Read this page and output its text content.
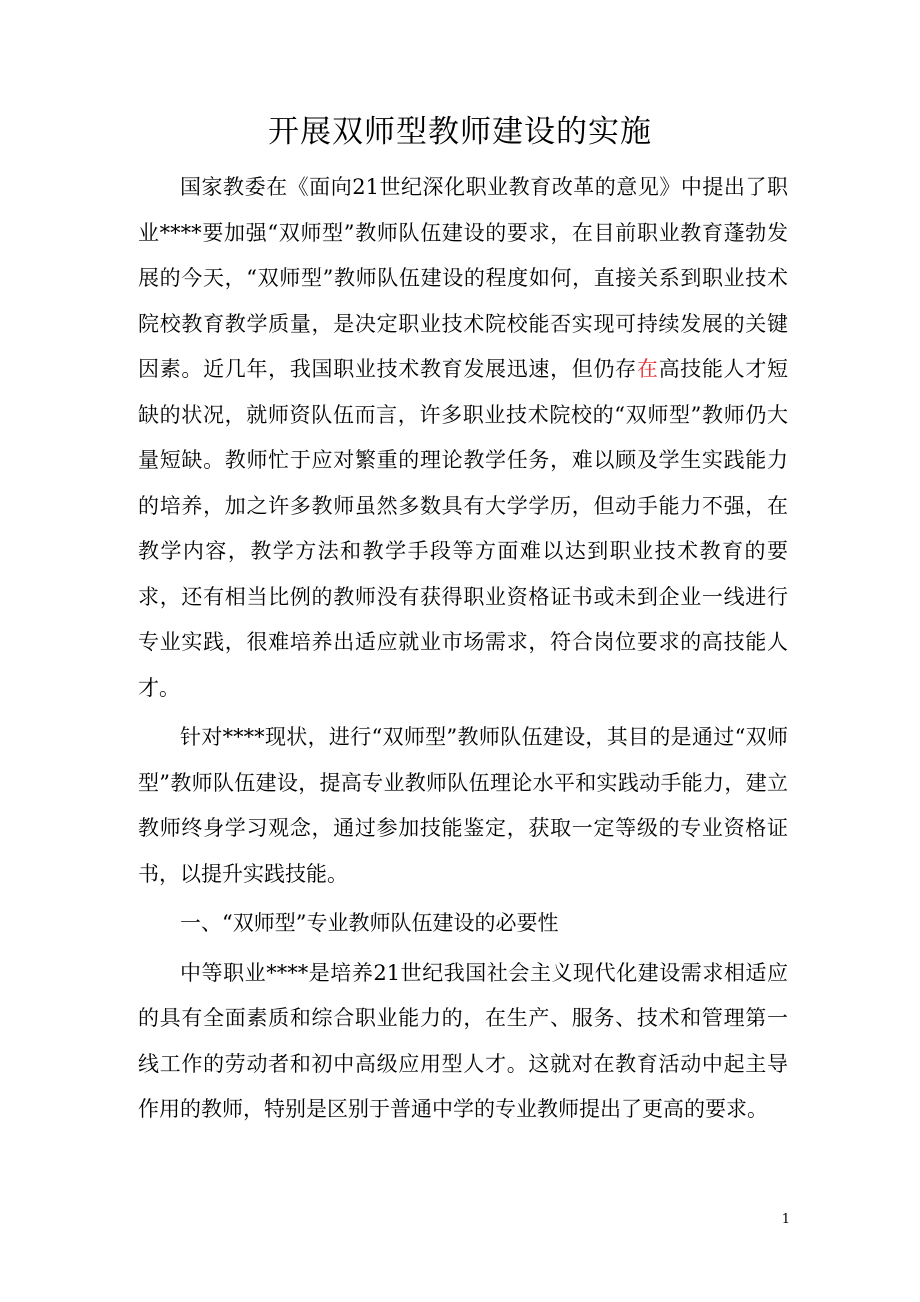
开展双师型教师建设的实施

国家教委在《面向21世纪深化职业教育改革的意见》中提出了职业****要加强“双师型”教师队伍建设的要求，在目前职业教育蓬勃发展的今天，“双师型”教师队伍建设的程度如何，直接关系到职业技术院校教育教学质量，是决定职业技术院校能否实现可持续发展的关键因素。近几年，我国职业技术教育发展迅速，但仍存在高技能人才短缺的状况，就师资队伍而言，许多职业技术院校的“双师型”教师仍大量短缺。教师忙于应对繁重的理论教学任务，难以顾及学生实践能力的培养，加之许多教师虽然多数具有大学学历，但动手能力不强，在教学内容，教学方法和教学手段等方面难以达到职业技术教育的要求，还有相当比例的教师没有获得职业资格证书或未到企业一线进行专业实践，很难培养出适应就业市场需求，符合岗位要求的高技能人才。

针对****现状，进行“双师型”教师队伍建设，其目的是通过“双师型”教师队伍建设，提高专业教师队伍理论水平和实践动手能力，建立教师终身学习观念，通过参加技能鉴定，获取一定等级的专业资格证书，以提升实践技能。

一、“双师型”专业教师队伍建设的必要性

中等职业****是培养21世纪我国社会主义现代化建设需求相适应的具有全面素质和综合职业能力的，在生产、服务、技术和管理第一线工作的劳动者和初中高级应用型人才。这就对在教育活动中起主导作用的教师，特别是区别于普通中学的专业教师提出了更高的要求。

1
